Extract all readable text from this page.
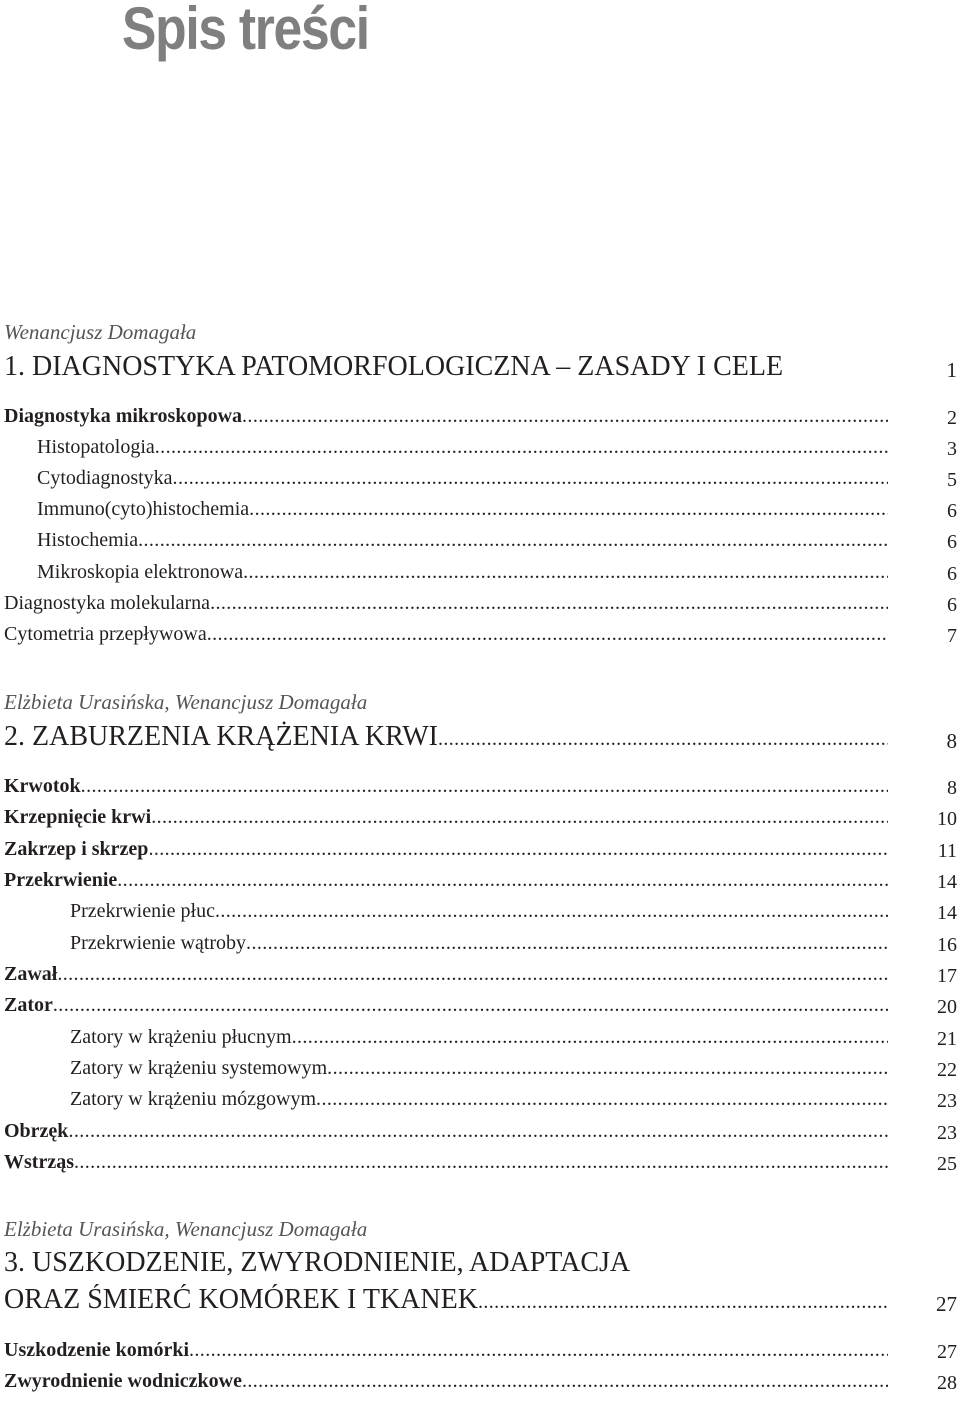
Spis treści
Wenancjusz Domagała
1. DIAGNOSTYKA PATOMORFOLOGICZNA – ZASADY I CELE	1
Diagnostyka mikroskopowa .....	2
Histopatologia .....	3
Cytodiagnostyka .....	5
Immuno(cyto)histochemia .....	6
Histochemia .....	6
Mikroskopia elektronowa .....	6
Diagnostyka molekularna .....	6
Cytometria przepływowa .....	7
Elżbieta Urasińska, Wenancjusz Domagała
2. ZABURZENIA KRĄŻENIA KRWI .....	8
Krwotok .....	8
Krzepnięcie krwi .....	10
Zakrzep i skrzep .....	11
Przekrwienie .....	14
Przekrwienie płuc .....	14
Przekrwienie wątroby .....	16
Zawał .....	17
Zator .....	20
Zatory w krążeniu płucnym .....	21
Zatory w krążeniu systemowym .....	22
Zatory w krążeniu mózgowym .....	23
Obrzęk .....	23
Wstrząs .....	25
Elżbieta Urasińska, Wenancjusz Domagała
3. USZKODZENIE, ZWYRODNIENIE, ADAPTACJA
ORAZ ŚMIERĆ KOMÓREK I TKANEK .....	27
Uszkodzenie komórki .....	27
Zwyrodnienie wodniczkowe .....	28
